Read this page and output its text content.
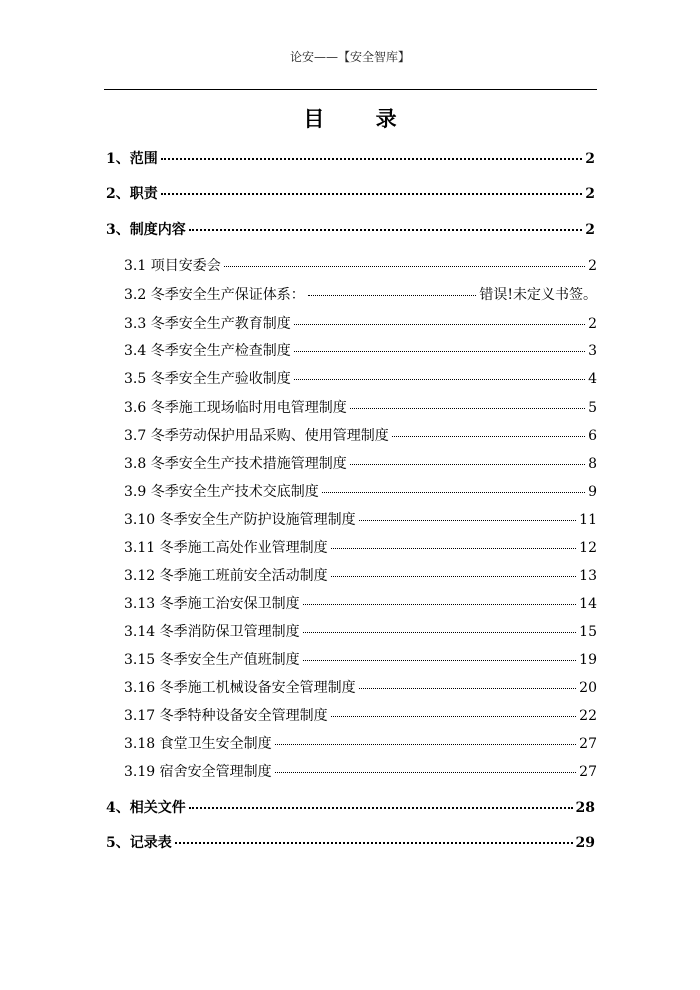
论安——【安全智库】
目 录
1、范围	2
2、职责	2
3、制度内容	2
3.1 项目安委会	2
3.2 冬季安全生产保证体系：	错误!未定义书签。
3.3 冬季安全生产教育制度	2
3.4 冬季安全生产检查制度	3
3.5 冬季安全生产验收制度	4
3.6 冬季施工现场临时用电管理制度	5
3.7 冬季劳动保护用品采购、使用管理制度	6
3.8 冬季安全生产技术措施管理制度	8
3.9 冬季安全生产技术交底制度	9
3.10 冬季安全生产防护设施管理制度	11
3.11 冬季施工高处作业管理制度	12
3.12 冬季施工班前安全活动制度	13
3.13 冬季施工治安保卫制度	14
3.14 冬季消防保卫管理制度	15
3.15 冬季安全生产值班制度	19
3.16 冬季施工机械设备安全管理制度	20
3.17 冬季特种设备安全管理制度	22
3.18 食堂卫生安全制度	27
3.19 宿舍安全管理制度	27
4、相关文件	28
5、记录表	29
